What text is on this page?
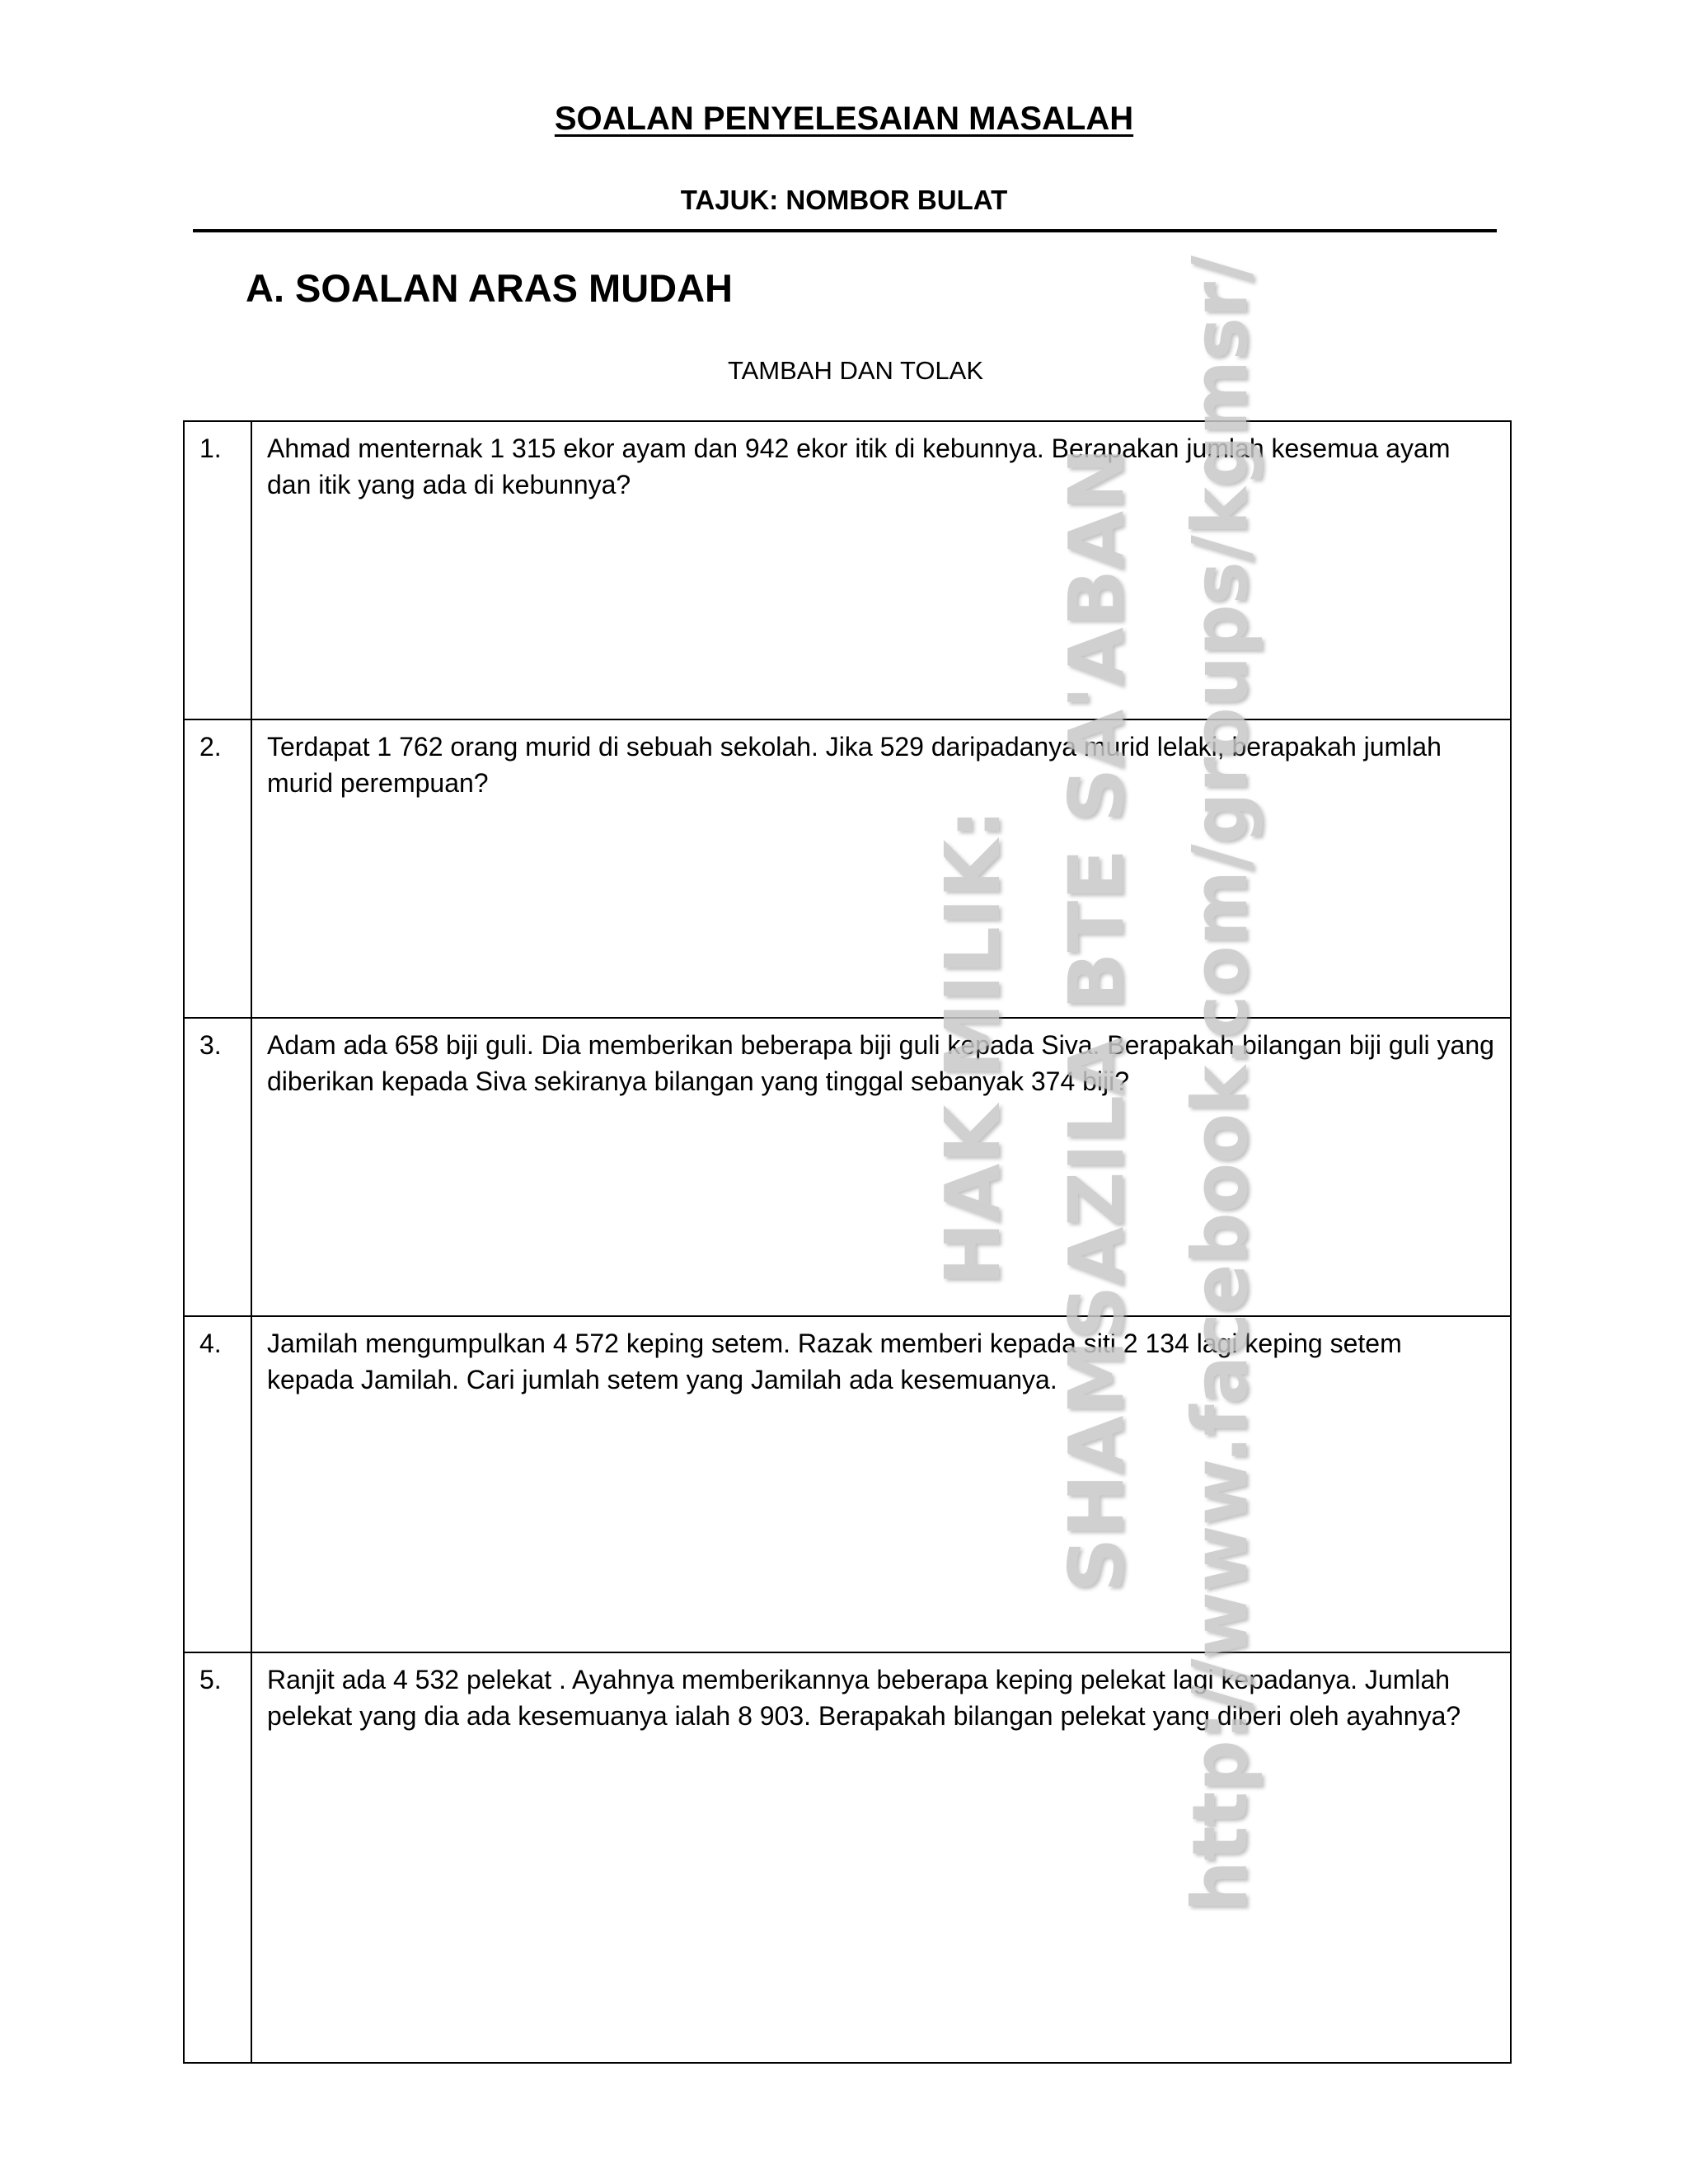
SOALAN PENYELESAIAN MASALAH
TAJUK: NOMBOR BULAT
A. SOALAN ARAS MUDAH
TAMBAH DAN TOLAK
1.	Ahmad menternak 1 315 ekor ayam dan 942 ekor itik di kebunnya. Berapakan jumlah kesemua ayam dan itik yang ada di kebunnya?
2.	Terdapat 1 762 orang murid di sebuah sekolah. Jika 529 daripadanya murid lelaki, berapakah jumlah murid perempuan?
3.	Adam ada 658 biji guli. Dia memberikan beberapa biji guli kepada Siva. Berapakah bilangan biji guli yang diberikan kepada Siva sekiranya bilangan yang tinggal sebanyak 374 biji?
4.	Jamilah mengumpulkan 4 572 keping setem. Razak memberi kepada siti 2 134 lagi keping setem kepada Jamilah. Cari jumlah setem yang Jamilah ada kesemuanya.
5.	Ranjit ada 4 532 pelekat . Ayahnya memberikannya beberapa keping pelekat lagi kepadanya. Jumlah pelekat yang dia ada kesemuanya ialah 8 903. Berapakah bilangan pelekat yang diberi oleh ayahnya?
HAK MILIK: SHAMSAZILA BTE SA'ABAN http://www.facebook.com/groups/kgmsr/
